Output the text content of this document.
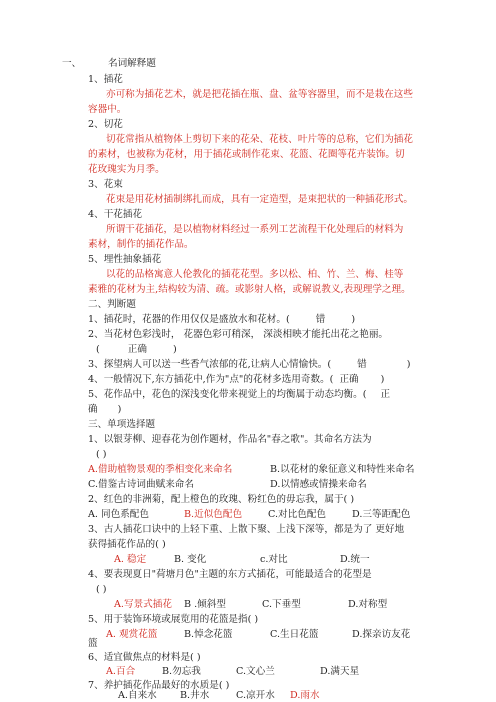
一、	名词解释题
1、插花
亦可称为插花艺术，就是把花插在瓶、盘、盆等容器里，而不是栽在这些
容器中。
2、切花
切花常指从植物体上剪切下来的花朵、花枝、叶片等的总称，它们为插花
的素材，也被称为花材，用于插花或制作花束、花篮、花圈等花卉装饰。切
花玫瑰实为月季。
3、花束
花束是用花材插制绑扎而成，具有一定造型，是束把状的一种插花形式。
4、干花插花
所谓干花插花，是以植物材料经过一系列工艺流程干化处理后的材料为
素材，制作的插花作品。
5、埋性抽象插花
以花的品格寓意人伦教化的插花花型。多以松、柏、竹、兰、梅、桂等
素雅的花材为主,结构较为清、疏。或影射人格，或解说教义,表现理学之理。
二、判断题
1、插花时，花器的作用仅仅是盛放水和花材。(	错	)
2、当花材色彩浅时， 花器色彩可稍深， 深淡相映才能托出花之艳丽。
(	正确	)
3、探望病人可以送一些香气浓郁的花,让病人心情愉快。(	错	)
4、一般情况下,东方插花中,作为"点"的花材多选用奇数。( 正确 )
5、花作品中，花色的深浅变化带来视觉上的均衡属于动态均衡。( 正
确 )
三、单项选择题
1、以银芽柳、迎春花为创作题材，作品名"春之歌"。其命名方法为
( )
A.借助植物景观的季相变化来命名	B.以花材的象征意义和特性来命名
C.借鉴古诗词曲赋来命名	D.以情感或情操来命名
2、红色的非洲菊，配上橙色的玫瑰、粉红色的毋忘我，属于( )
A. 同色系配色	B.近似色配色	C.对比色配色	D.三等距配色
3、古人插花口诀中的上轻下重、上散下聚、上浅下深等，都是为了 更好地
获得插花作品的( )
A. 稳定	B. 变化	c.对比	D.统一
4、要表现夏日"荷塘月色"主题的东方式插花，可能最适合的花型是
( )
A.写景式插花 B .倾斜型	C.下垂型	D.对称型
5、用于装饰环境或展览用的花篮是指( )
A. 观赏花篮	B.悼念花篮	C.生日花篮	D.探亲访友花
篮
6、适宜做焦点的材料是( )
A.百合	B.勿忘我	C.文心兰	D.满天星
7、养护插花作品最好的水质是( )
A.自来水 B.井水	C.凉开水 D.雨水
